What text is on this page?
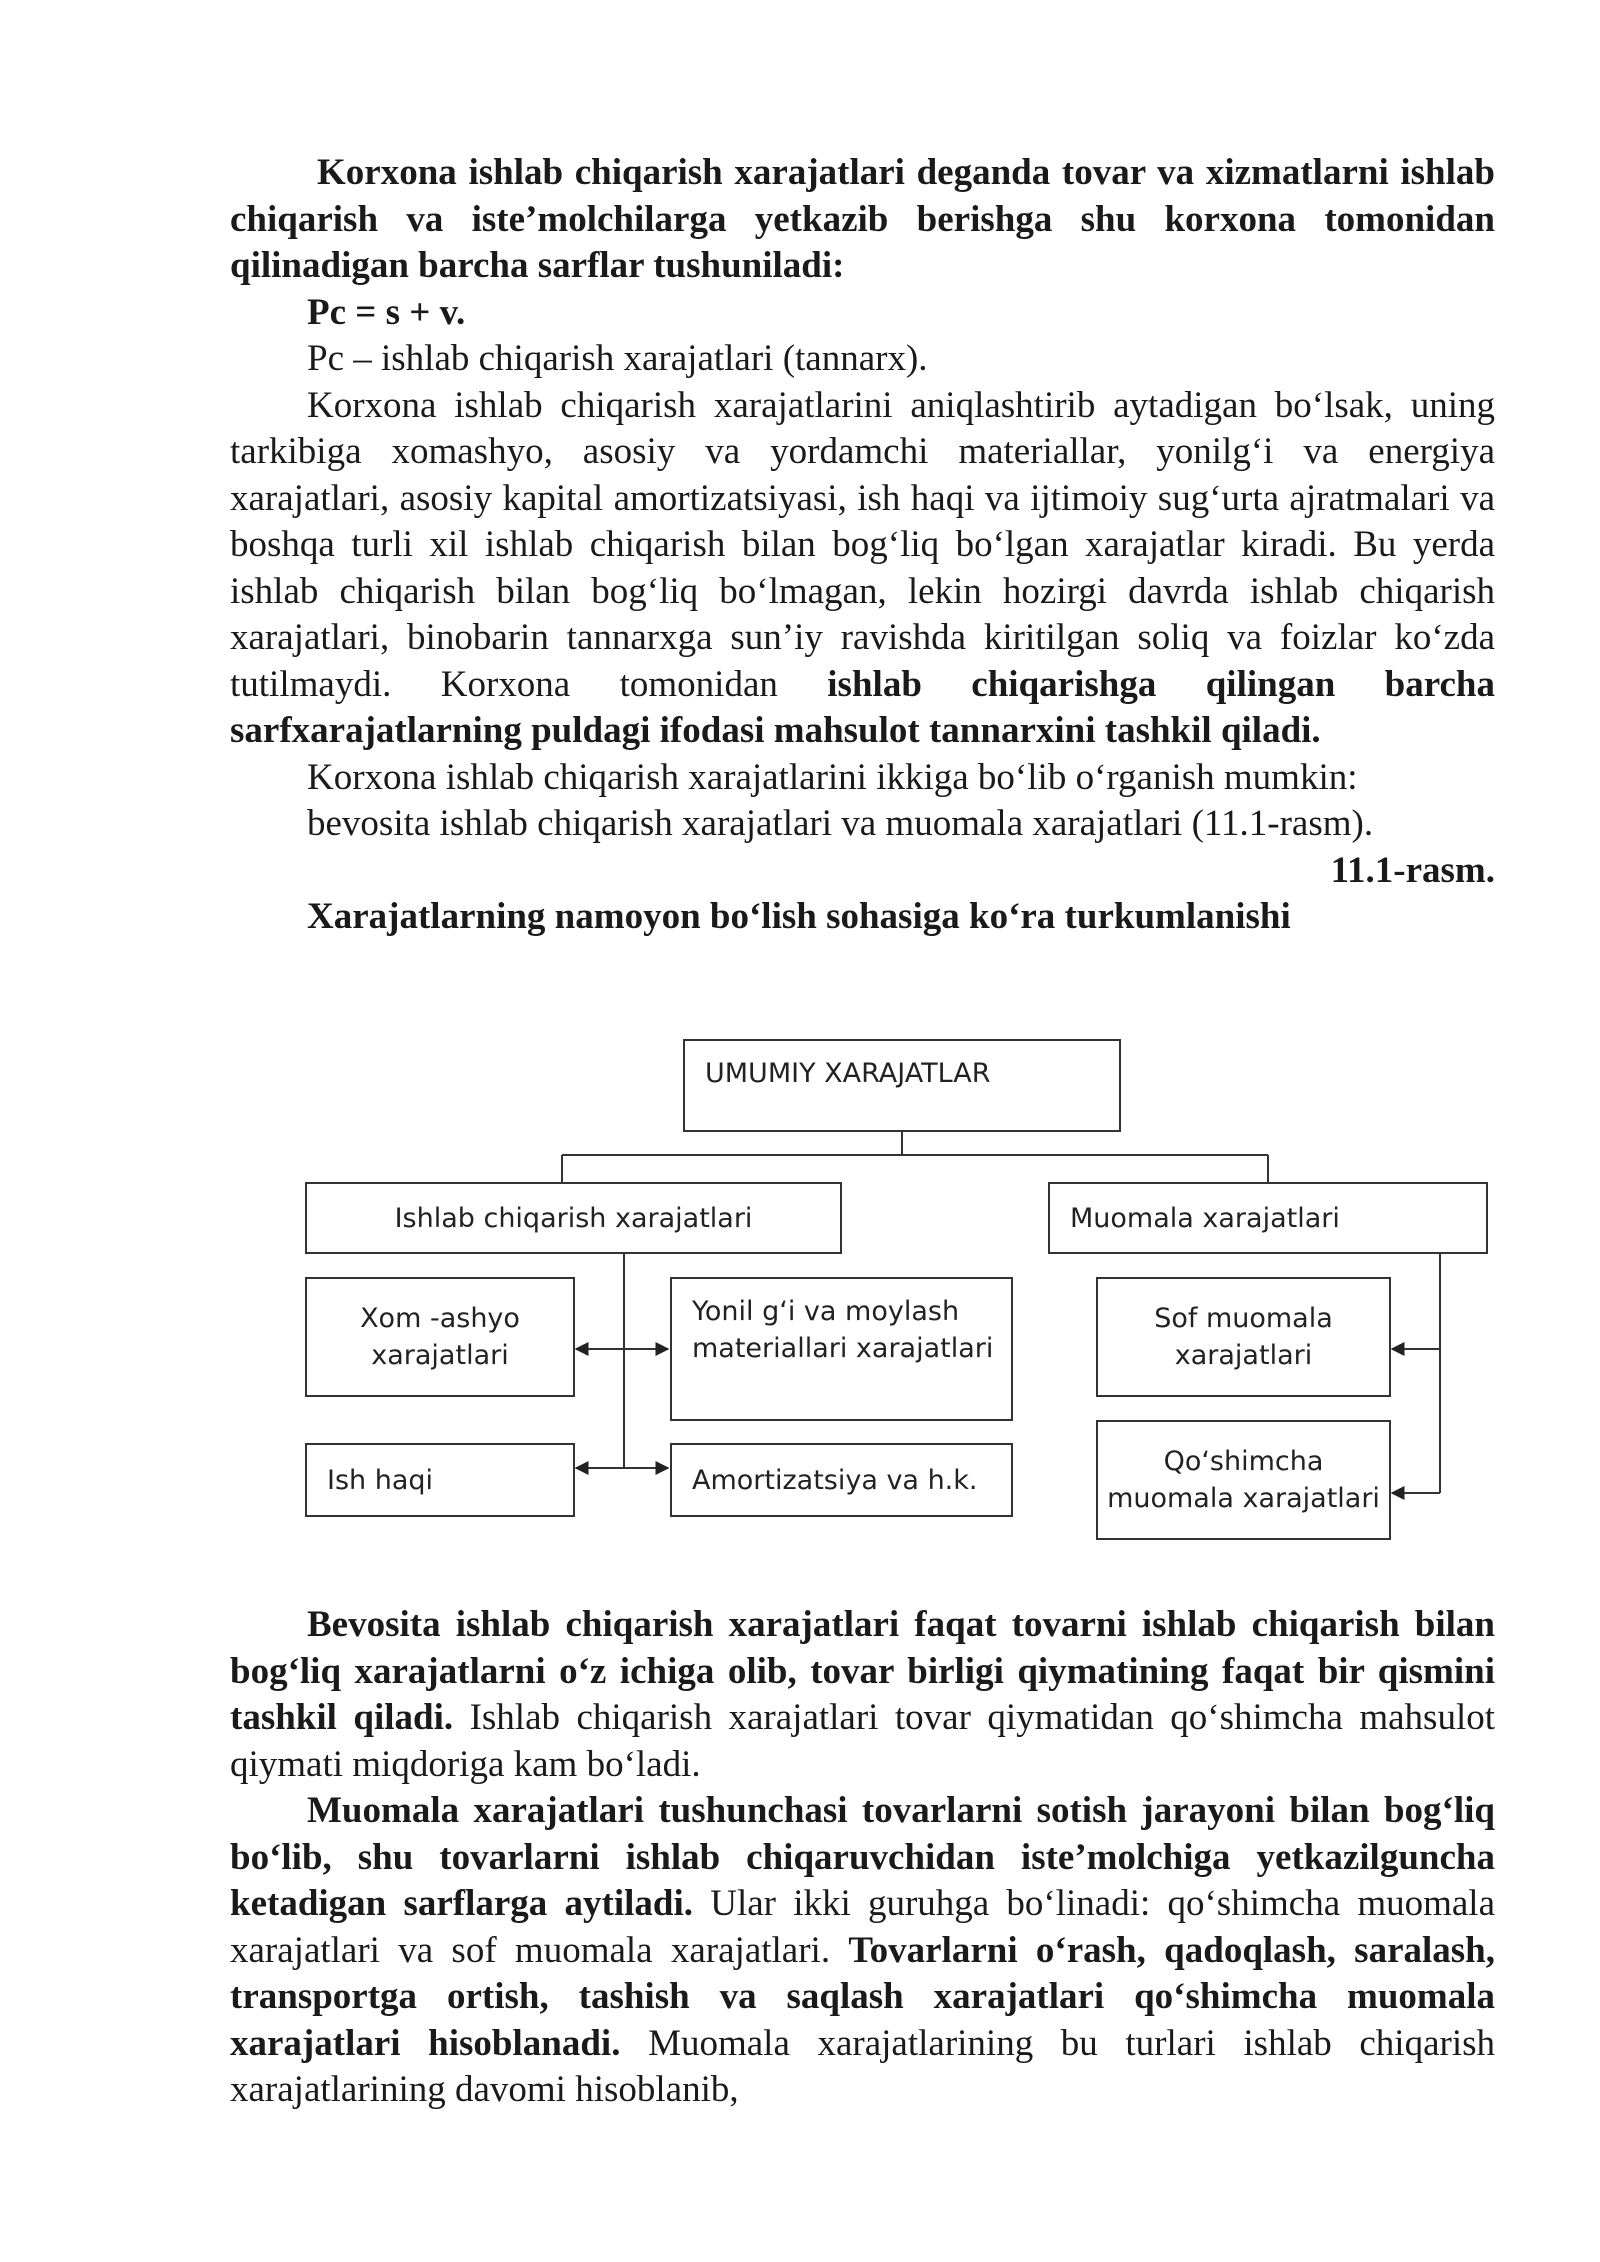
Korxona ishlab chiqarish xarajatlari deganda tovar va xizmatlarni ishlab chiqarish va iste’molchilarga yetkazib berishga shu korxona tomonidan qilinadigan barcha sarflar tushuniladi:

Pc = s + v.

Pc – ishlab chiqarish xarajatlari (tannarx).

Korxona ishlab chiqarish xarajatlarini aniqlashtirib aytadigan bo‘lsak, uning tarkibiga xomashyo, asosiy va yordamchi materiallar, yonilg‘i va energiya xarajatlari, asosiy kapital amortizatsiyasi, ish haqi va ijtimoiy sug‘urta ajratmalari va boshqa turli xil ishlab chiqarish bilan bog‘liq bo‘lgan xarajatlar kiradi. Bu yerda ishlab chiqarish bilan bog‘liq bo‘lmagan, lekin hozirgi davrda ishlab chiqarish xarajatlari, binobarin tannarxga sun’iy ravishda kiritilgan soliq va foizlar ko‘zda tutilmaydi. Korxona tomonidan ishlab chiqarishga qilingan barcha sarfxarajatlarning puldagi ifodasi mahsulot tannarxini tashkil qiladi.

Korxona ishlab chiqarish xarajatlarini ikkiga bo‘lib o‘rganish mumkin:

bevosita ishlab chiqarish xarajatlari va muomala xarajatlari (11.1-rasm).

11.1-rasm.

Xarajatlarning namoyon bo‘lish sohasiga ko‘ra turkumlanishi

UMUMIY XARAJATLAR
Ishlab chiqarish xarajatlari	Muomala xarajatlari
Xom -ashyo xarajatlari
Yonil g‘i va moylash materiallari xarajatlari
Sof muomala xarajatlari
Ish haqi	Amortizatsiya va h.k.
Qo‘shimcha muomala xarajatlari

Bevosita ishlab chiqarish xarajatlari faqat tovarni ishlab chiqarish bilan bog‘liq xarajatlarni o‘z ichiga olib, tovar birligi qiymatining faqat bir qismini tashkil qiladi. Ishlab chiqarish xarajatlari tovar qiymatidan qo‘shimcha mahsulot qiymati miqdoriga kam bo‘ladi.

Muomala xarajatlari tushunchasi tovarlarni sotish jarayoni bilan bog‘liq bo‘lib, shu tovarlarni ishlab chiqaruvchidan iste’molchiga yetkazilguncha ketadigan sarflarga aytiladi. Ular ikki guruhga bo‘linadi: qo‘shimcha muomala xarajatlari va sof muomala xarajatlari. Tovarlarni o‘rash, qadoqlash, saralash, transportga ortish, tashish va saqlash xarajatlari qo‘shimcha muomala xarajatlari hisoblanadi. Muomala xarajatlarining bu turlari ishlab chiqarish xarajatlarining davomi hisoblanib,
